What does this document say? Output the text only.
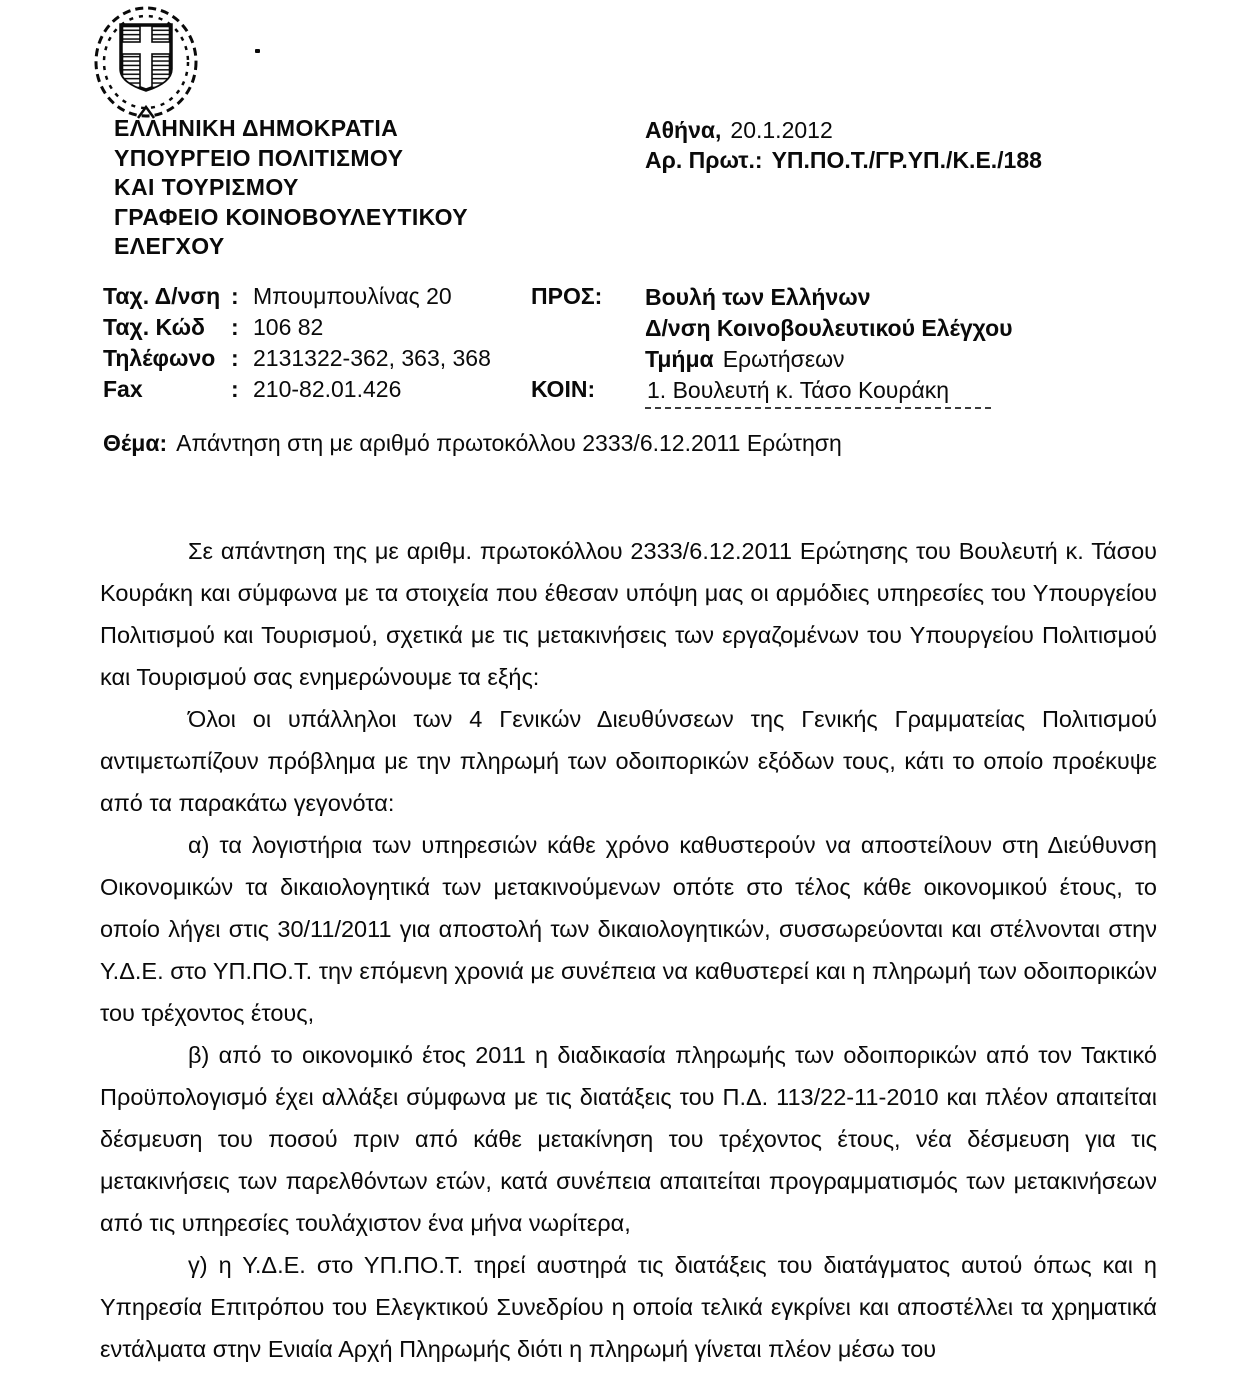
ΕΛΛΗΝΙΚΗ ΔΗΜΟΚΡΑΤΙΑ
ΥΠΟΥΡΓΕΙΟ ΠΟΛΙΤΙΣΜΟΥ
ΚΑΙ ΤΟΥΡΙΣΜΟΥ
ΓΡΑΦΕΙΟ ΚΟΙΝΟΒΟΥΛΕΥΤΙΚΟΥ
ΕΛΕΓΧΟΥ
Αθήνα, 20.1.2012
Αρ. Πρωτ.: ΥΠ.ΠΟ.Τ./ΓΡ.ΥΠ./Κ.Ε./188
Ταχ. Δ/νση : Μπουμπουλίνας 20
Ταχ. Κώδ : 106 82
Τηλέφωνο : 2131322-362, 363, 368
Fax	: 210-82.01.426
ΠΡΟΣ:
ΚΟΙΝ:
Βουλή των Ελλήνων
Δ/νση Κοινοβουλευτικού Ελέγχου
Τμήμα Ερωτήσεων
1. Βουλευτή κ. Τάσο Κουράκη
Θέμα: Απάντηση στη με αριθμό πρωτοκόλλου 2333/6.12.2011 Ερώτηση

Σε απάντηση της με αριθμ. πρωτοκόλλου 2333/6.12.2011 Ερώτησης του Βουλευτή κ. Τάσου Κουράκη και σύμφωνα με τα στοιχεία που έθεσαν υπόψη μας οι αρμόδιες υπηρεσίες του Υπουργείου Πολιτισμού και Τουρισμού, σχετικά με τις μετακινήσεις των εργαζομένων του Υπουργείου Πολιτισμού και Τουρισμού σας ενημερώνουμε τα εξής:

Όλοι οι υπάλληλοι των 4 Γενικών Διευθύνσεων της Γενικής Γραμματείας Πολιτισμού αντιμετωπίζουν πρόβλημα με την πληρωμή των οδοιπορικών εξόδων τους, κάτι το οποίο προέκυψε από τα παρακάτω γεγονότα:

α) τα λογιστήρια των υπηρεσιών κάθε χρόνο καθυστερούν να αποστείλουν στη Διεύθυνση Οικονομικών τα δικαιολογητικά των μετακινούμενων οπότε στο τέλος κάθε οικονομικού έτους, το οποίο λήγει στις 30/11/2011 για αποστολή των δικαιολογητικών, συσσωρεύονται και στέλνονται στην Υ.Δ.Ε. στο ΥΠ.ΠΟ.Τ. την επόμενη χρονιά με συνέπεια να καθυστερεί και η πληρωμή των οδοιπορικών του τρέχοντος έτους,

β) από το οικονομικό έτος 2011 η διαδικασία πληρωμής των οδοιπορικών από τον Τακτικό Προϋπολογισμό έχει αλλάξει σύμφωνα με τις διατάξεις του Π.Δ. 113/22-11-2010 και πλέον απαιτείται δέσμευση του ποσού πριν από κάθε μετακίνηση του τρέχοντος έτους, νέα δέσμευση για τις μετακινήσεις των παρελθόντων ετών, κατά συνέπεια απαιτείται προγραμματισμός των μετακινήσεων από τις υπηρεσίες τουλάχιστον ένα μήνα νωρίτερα,

γ) η Υ.Δ.Ε. στο ΥΠ.ΠΟ.Τ. τηρεί αυστηρά τις διατάξεις του διατάγματος αυτού όπως και η Υπηρεσία Επιτρόπου του Ελεγκτικού Συνεδρίου η οποία τελικά εγκρίνει και αποστέλλει τα χρηματικά εντάλματα στην Ενιαία Αρχή Πληρωμής διότι η πληρωμή γίνεται πλέον μέσω του
